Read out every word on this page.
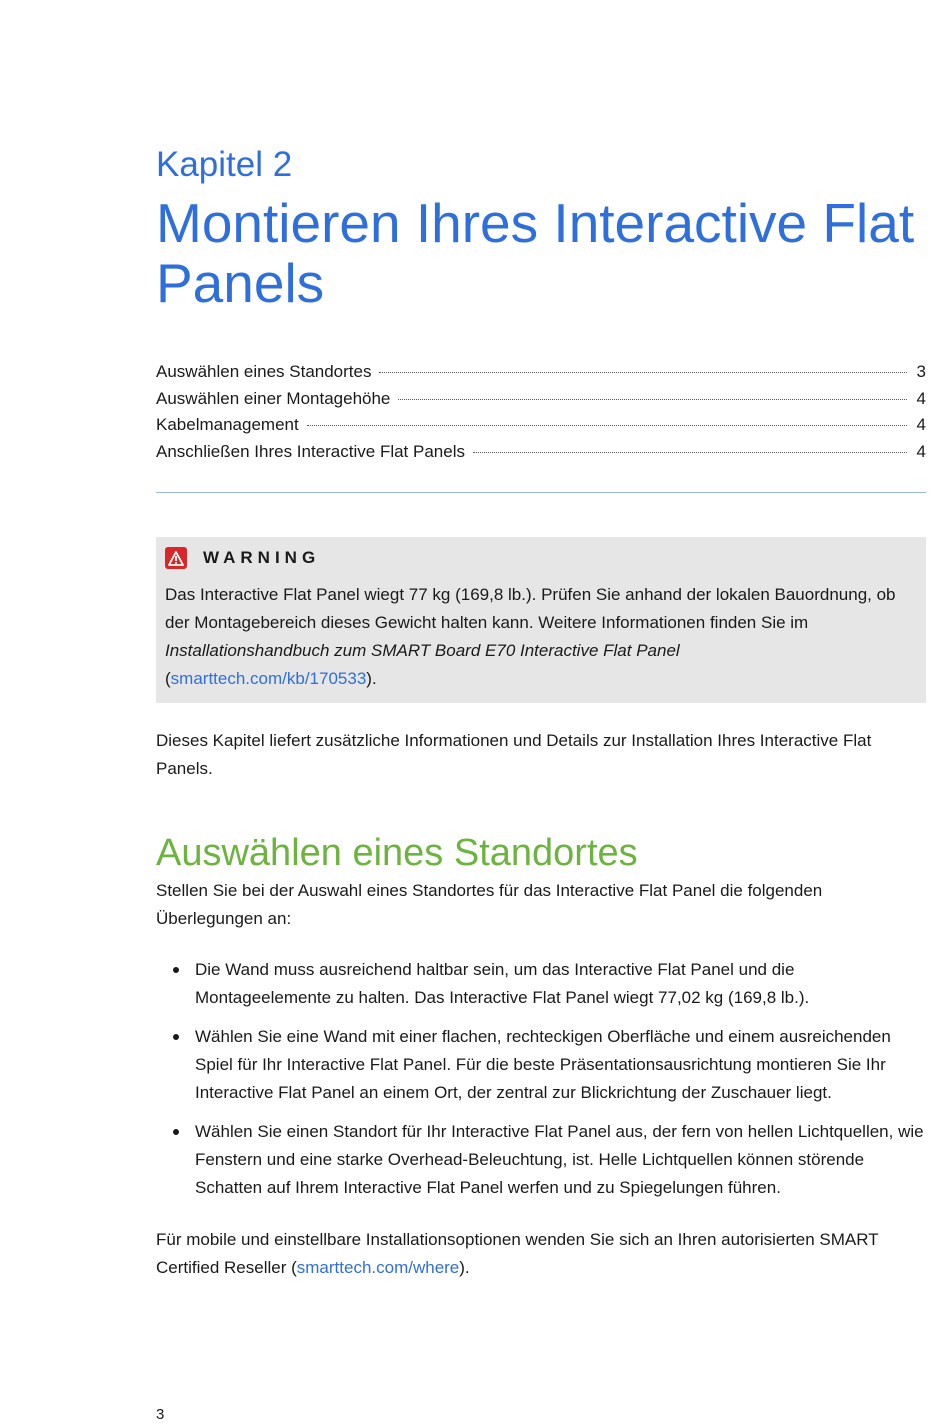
Kapitel 2
Montieren Ihres Interactive Flat Panels
Auswählen eines Standortes	3
Auswählen einer Montagehöhe	4
Kabelmanagement	4
Anschließen Ihres Interactive Flat Panels	4
WARNING
Das Interactive Flat Panel wiegt 77 kg (169,8 lb.). Prüfen Sie anhand der lokalen Bauordnung, ob der Montagebereich dieses Gewicht halten kann. Weitere Informationen finden Sie im Installationshandbuch zum SMART Board E70 Interactive Flat Panel
(smarttech.com/kb/170533).

Dieses Kapitel liefert zusätzliche Informationen und Details zur Installation Ihres Interactive Flat Panels.

Auswählen eines Standortes

Stellen Sie bei der Auswahl eines Standortes für das Interactive Flat Panel die folgenden Überlegungen an:

Die Wand muss ausreichend haltbar sein, um das Interactive Flat Panel und die Montageelemente zu halten. Das Interactive Flat Panel wiegt 77,02 kg (169,8 lb.).
Wählen Sie eine Wand mit einer flachen, rechteckigen Oberfläche und einem ausreichenden Spiel für Ihr Interactive Flat Panel. Für die beste Präsentationsausrichtung montieren Sie Ihr Interactive Flat Panel an einem Ort, der zentral zur Blickrichtung der Zuschauer liegt.
Wählen Sie einen Standort für Ihr Interactive Flat Panel aus, der fern von hellen Lichtquellen, wie Fenstern und eine starke Overhead-Beleuchtung, ist. Helle Lichtquellen können störende Schatten auf Ihrem Interactive Flat Panel werfen und zu Spiegelungen führen.

Für mobile und einstellbare Installationsoptionen wenden Sie sich an Ihren autorisierten SMART Certified Reseller (smarttech.com/where).

3
